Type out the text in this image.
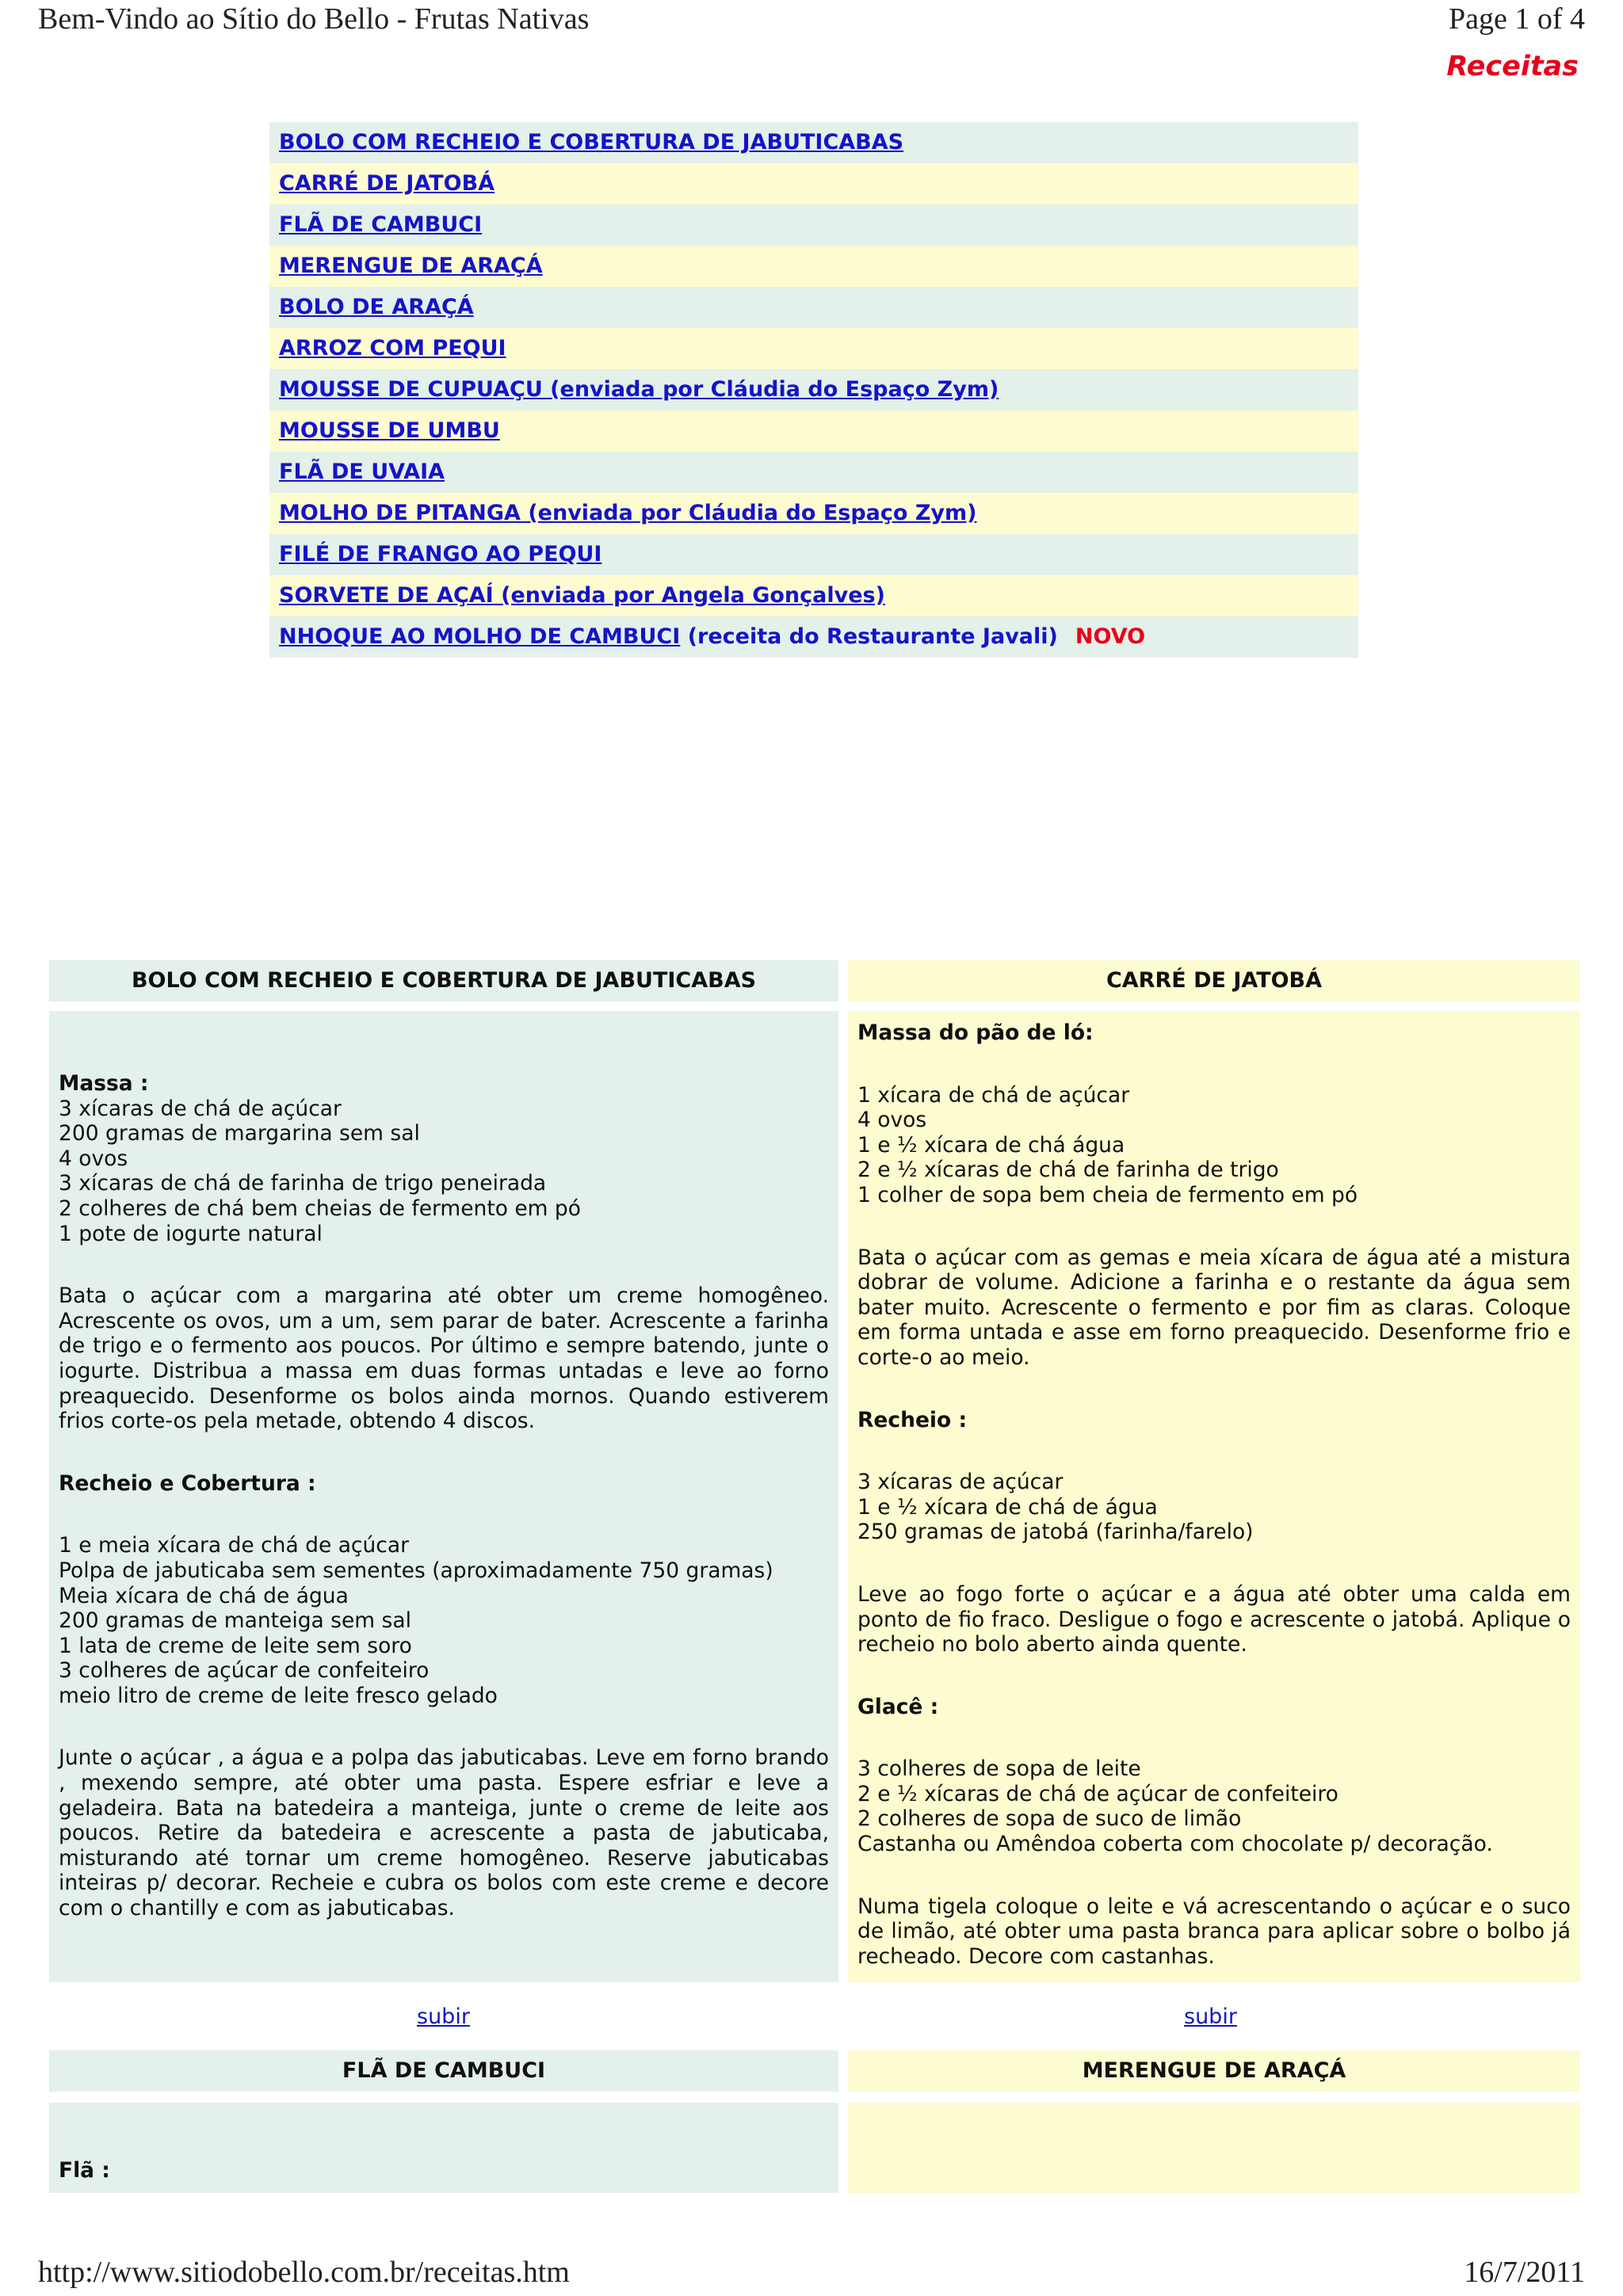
Bem-Vindo ao Sítio do Bello - Frutas Nativas	Page 1 of 4
Receitas
BOLO COM RECHEIO E COBERTURA DE JABUTICABAS
CARRÉ DE JATOBÁ
FLÃ DE CAMBUCI
MERENGUE DE ARAÇÁ
BOLO DE ARAÇÁ
ARROZ COM PEQUI
MOUSSE DE CUPUAÇU (enviada por Cláudia do Espaço Zym)
MOUSSE DE UMBU
FLÃ DE UVAIA
MOLHO DE PITANGA (enviada por Cláudia do Espaço Zym)
FILÉ DE FRANGO AO PEQUI
SORVETE DE AÇAÍ (enviada por Angela Gonçalves)
NHOQUE AO MOLHO DE CAMBUCI (receita do Restaurante Javali) NOVO
BOLO COM RECHEIO E COBERTURA DE JABUTICABAS	CARRÉ DE JATOBÁ

Massa :

3 xícaras de chá de açúcar

200 gramas de margarina sem sal

4 ovos

3 xícaras de chá de farinha de trigo peneirada

2 colheres de chá bem cheias de fermento em pó

1 pote de iogurte natural

Bata o açúcar com a margarina até obter um creme homogêneo. Acrescente os ovos, um a um, sem parar de bater. Acrescente a farinha de trigo e o fermento aos poucos. Por último e sempre batendo, junte o iogurte. Distribua a massa em duas formas untadas e leve ao forno preaquecido. Desenforme os bolos ainda mornos. Quando estiverem frios corte-os pela metade, obtendo 4 discos.

Recheio e Cobertura :

1 e meia xícara de chá de açúcar

Polpa de jabuticaba sem sementes (aproximadamente 750 gramas)

Meia xícara de chá de água

200 gramas de manteiga sem sal

1 lata de creme de leite sem soro

3 colheres de açúcar de confeiteiro

meio litro de creme de leite fresco gelado

Junte o açúcar , a água e a polpa das jabuticabas. Leve em forno brando , mexendo sempre, até obter uma pasta. Espere esfriar e leve a geladeira. Bata na batedeira a manteiga, junte o creme de leite aos poucos. Retire da batedeira e acrescente a pasta de jabuticaba, misturando até tornar um creme homogêneo. Reserve jabuticabas inteiras p/ decorar. Recheie e cubra os bolos com este creme e decore com o chantilly e com as jabuticabas.

Massa do pão de ló:

1 xícara de chá de açúcar

4 ovos

1 e ½ xícara de chá água

2 e ½ xícaras de chá de farinha de trigo

1 colher de sopa bem cheia de fermento em pó

Bata o açúcar com as gemas e meia xícara de água até a mistura dobrar de volume. Adicione a farinha e o restante da água sem bater muito. Acrescente o fermento e por fim as claras. Coloque em forma untada e asse em forno preaquecido. Desenforme frio e corte-o ao meio.

Recheio :

3 xícaras de açúcar

1 e ½ xícara de chá de água

250 gramas de jatobá (farinha/farelo)

Leve ao fogo forte o açúcar e a água até obter uma calda em ponto de fio fraco. Desligue o fogo e acrescente o jatobá. Aplique o recheio no bolo aberto ainda quente.

Glacê :

3 colheres de sopa de leite

2 e ½ xícaras de chá de açúcar de confeiteiro

2 colheres de sopa de suco de limão

Castanha ou Amêndoa coberta com chocolate p/ decoração.

Numa tigela coloque o leite e vá acrescentando o açúcar e o suco de limão, até obter uma pasta branca para aplicar sobre o bolbo já recheado. Decore com castanhas.

subir	subir
FLÃ DE CAMBUCI	MERENGUE DE ARAÇÁ

Flã :

http://www.sitiodobello.com.br/receitas.htm	16/7/2011
